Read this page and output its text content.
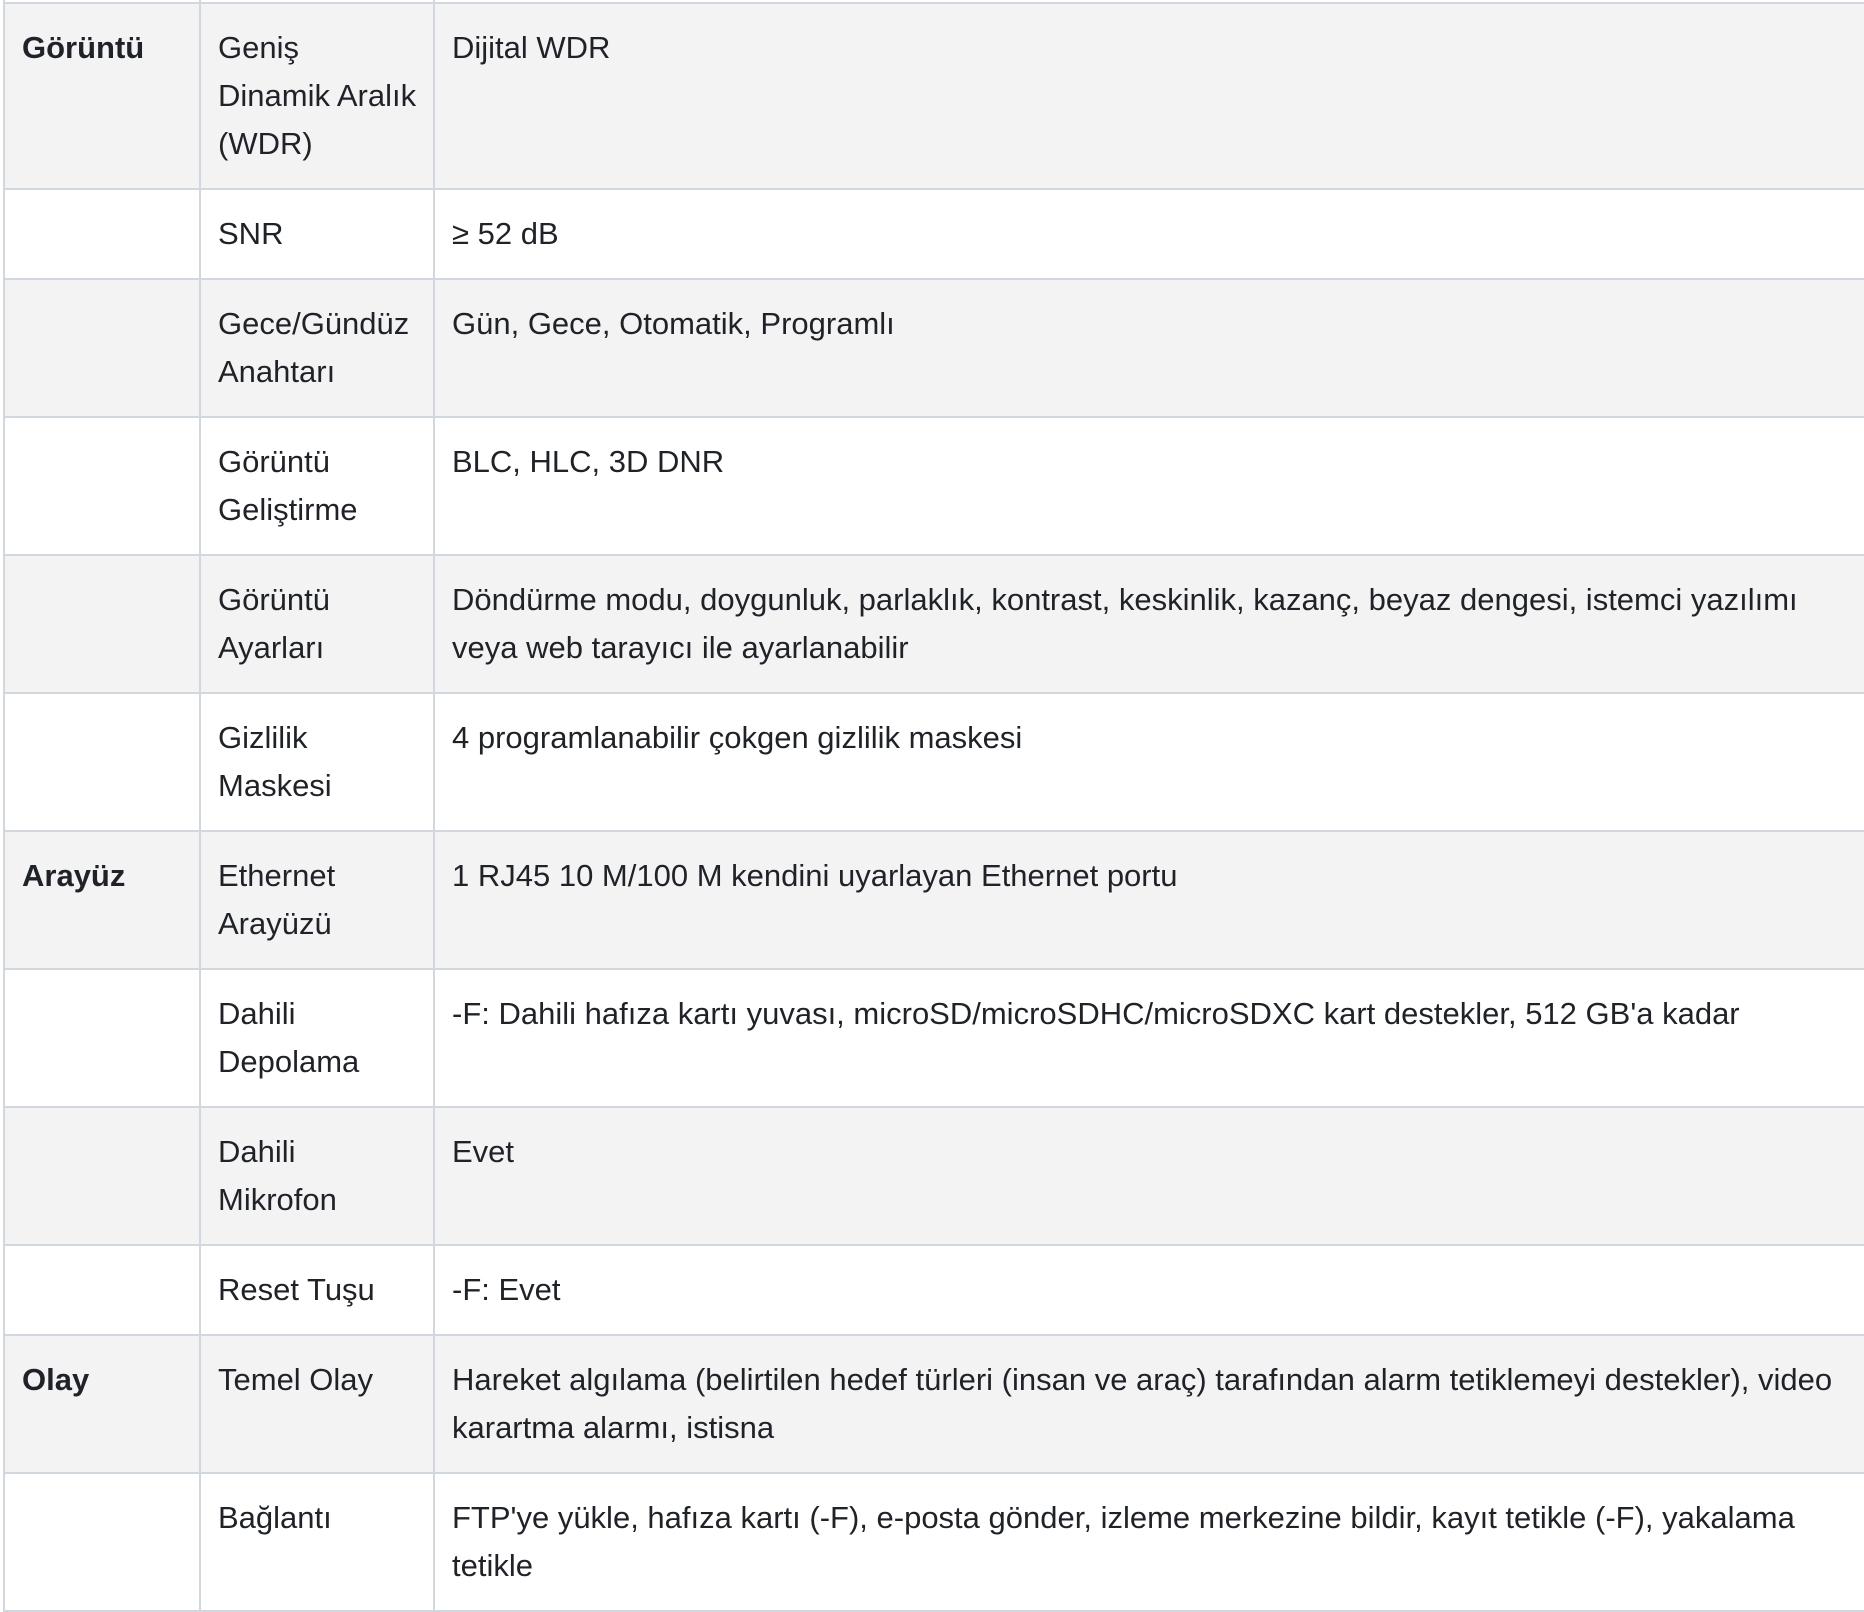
Görüntü	Geniş Dinamik Aralık (WDR)	Dijital WDR
	SNR	≥ 52 dB
	Gece/Gündüz Anahtarı	Gün, Gece, Otomatik, Programlı
	Görüntü Geliştirme	BLC, HLC, 3D DNR
	Görüntü Ayarları	Döndürme modu, doygunluk, parlaklık, kontrast, keskinlik, kazanç, beyaz dengesi, istemci yazılımı veya web tarayıcı ile ayarlanabilir
	Gizlilik Maskesi	4 programlanabilir çokgen gizlilik maskesi
Arayüz	Ethernet Arayüzü	1 RJ45 10 M/100 M kendini uyarlayan Ethernet portu
	Dahili Depolama	-F: Dahili hafıza kartı yuvası, microSD/microSDHC/microSDXC kart destekler, 512 GB'a kadar
	Dahili Mikrofon	Evet
	Reset Tuşu	-F: Evet
Olay	Temel Olay	Hareket algılama (belirtilen hedef türleri (insan ve araç) tarafından alarm tetiklemeyi destekler), video karartma alarmı, istisna
	Bağlantı	FTP'ye yükle, hafıza kartı (-F), e-posta gönder, izleme merkezine bildir, kayıt tetikle (-F), yakalama tetikle
